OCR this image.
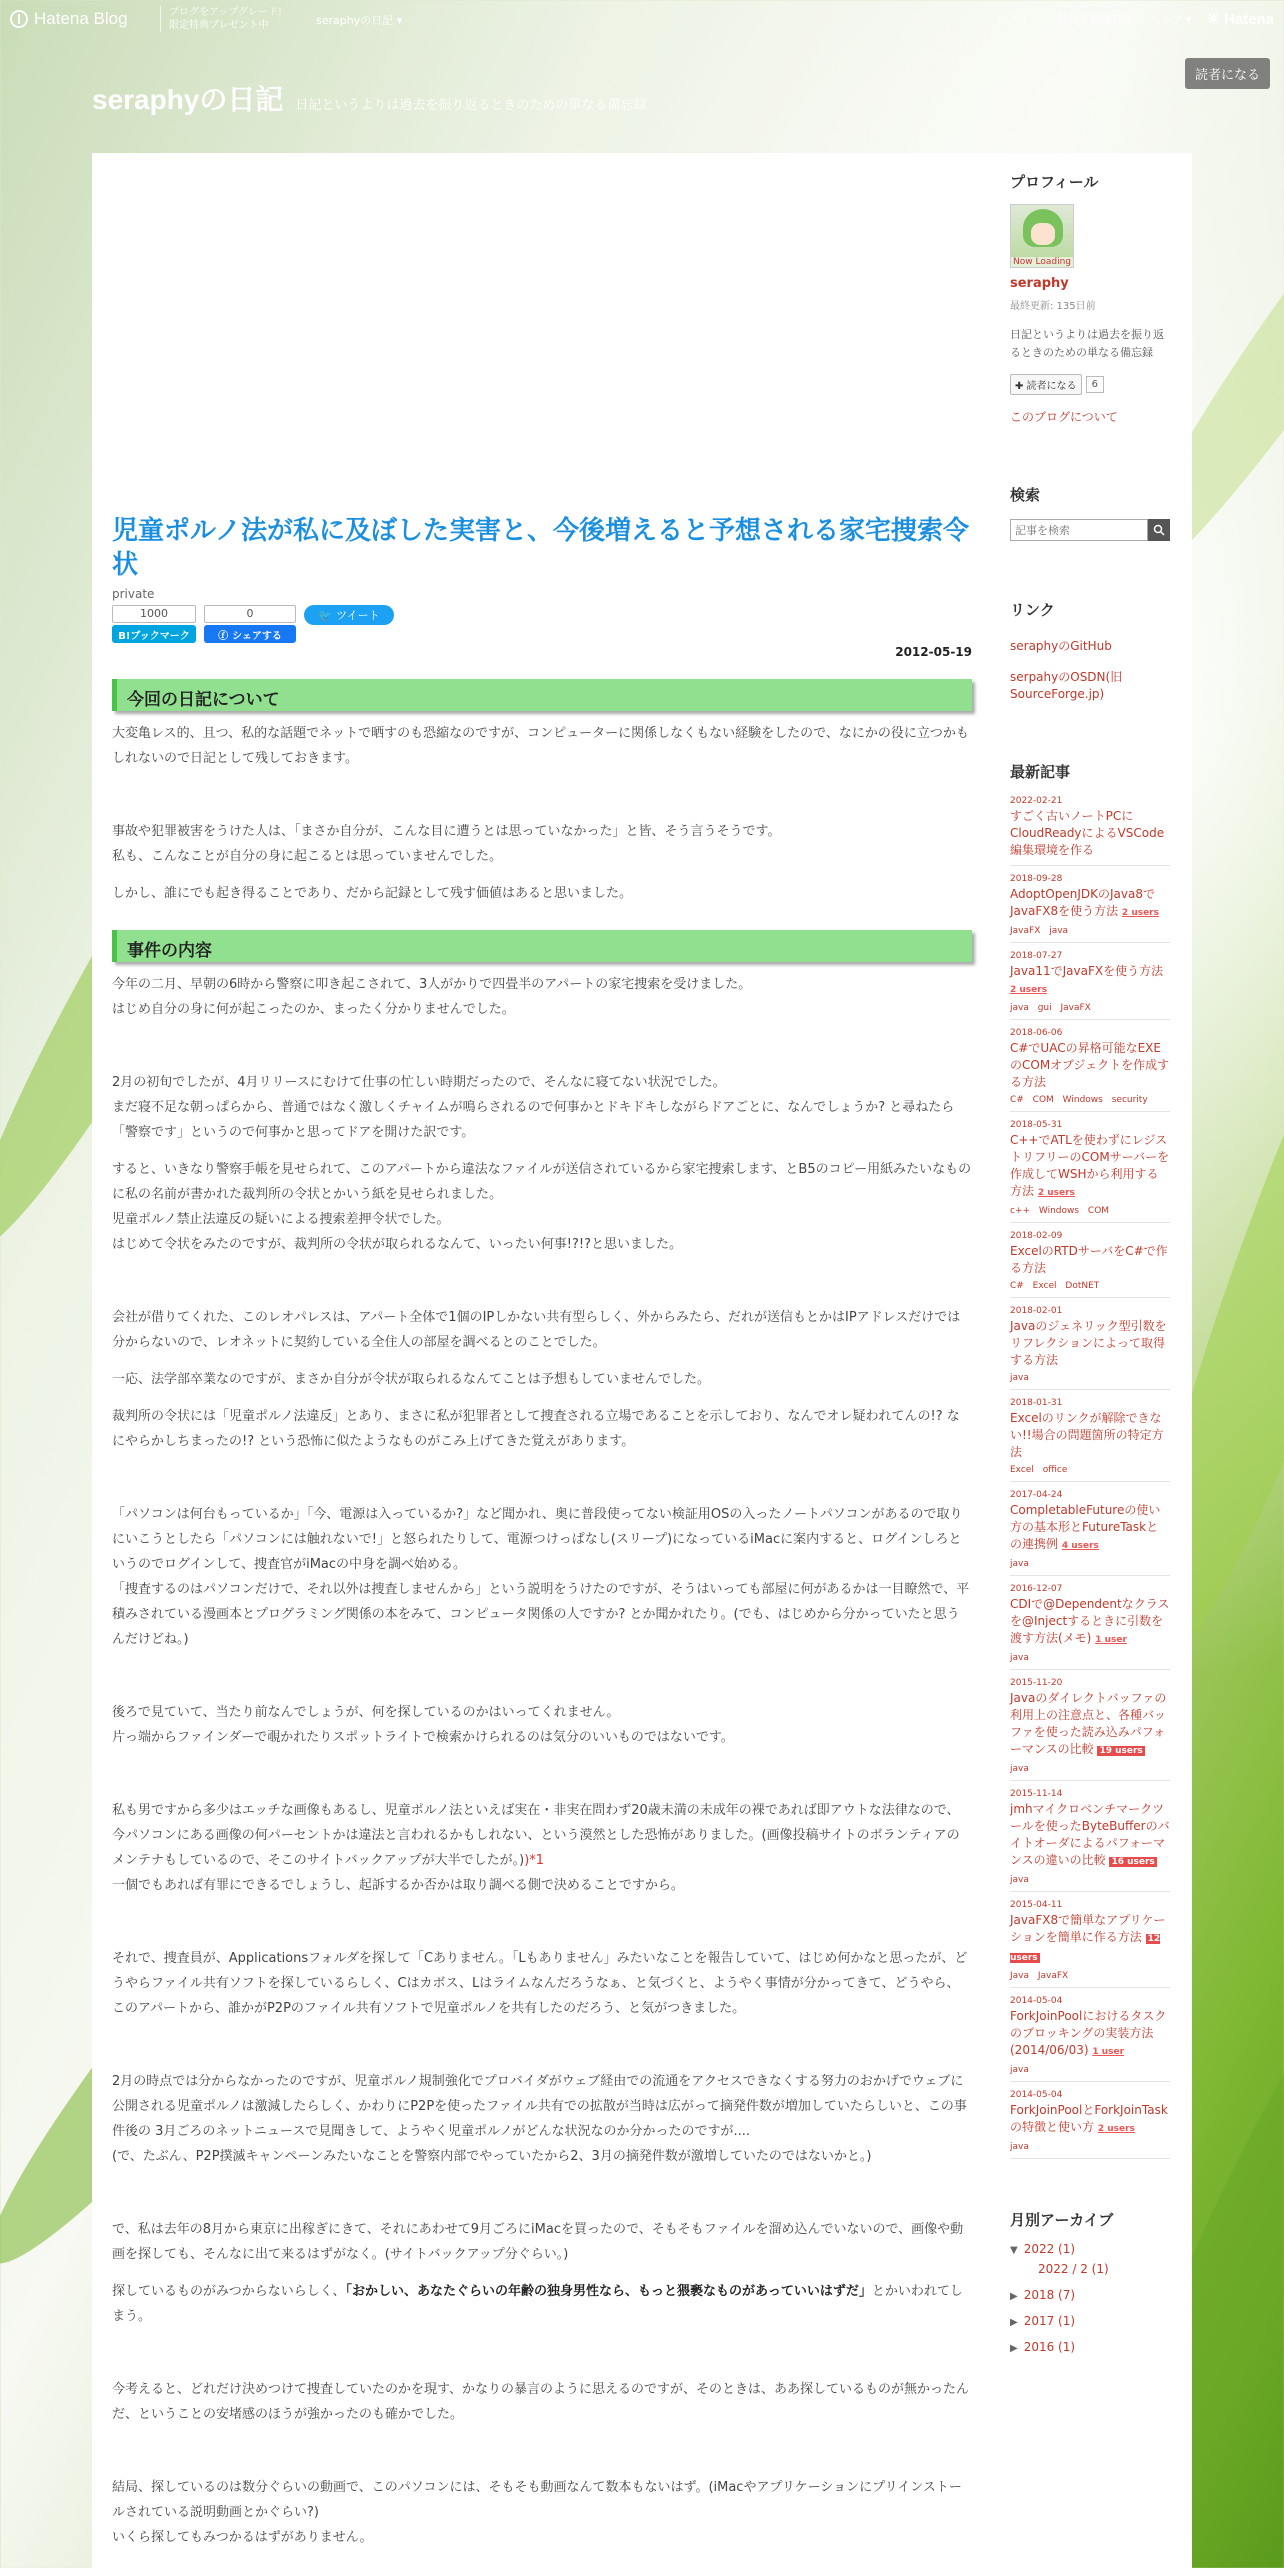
Hatena Blog	ブログをアップグレード!
限定特典プレゼント中	seraphyの日記 ▾	ログイン 無料で新規登録 ヘルプ ▾ ✳ Hatena
読者になる
seraphyの日記 日記というよりは過去を振り返るときのための単なる備忘録
児童ポルノ法が私に及ぼした実害と、今後増えると予想される家宅捜索令状
private
1000
B!ブックマーク
0
ⓕ シェアする
🐦 ツイート
2012-05-19
今回の日記について
大変亀レス的、且つ、私的な話題でネットで晒すのも恐縮なのですが、コンピューターに関係しなくもない経験をしたので、なにかの役に立つかもしれないので日記として残しておきます。
事故や犯罪被害をうけた人は、「まさか自分が、こんな目に遭うとは思っていなかった」と皆、そう言うそうです。
私も、こんなことが自分の身に起こるとは思っていませんでした。
しかし、誰にでも起き得ることであり、だから記録として残す価値はあると思いました。
事件の内容
今年の二月、早朝の6時から警察に叩き起こされて、3人がかりで四畳半のアパートの家宅捜索を受けました。
はじめ自分の身に何が起こったのか、まったく分かりませんでした。
2月の初旬でしたが、4月リリースにむけて仕事の忙しい時期だったので、そんなに寝てない状況でした。
まだ寝不足な朝っぱらから、普通ではなく激しくチャイムが鳴らされるので何事かとドキドキしながらドアごとに、なんでしょうか? と尋ねたら「警察です」というので何事かと思ってドアを開けた訳です。
すると、いきなり警察手帳を見せられて、このアパートから違法なファイルが送信されているから家宅捜索します、とB5のコピー用紙みたいなものに私の名前が書かれた裁判所の令状とかいう紙を見せられました。
児童ポルノ禁止法違反の疑いによる捜索差押令状でした。
はじめて令状をみたのですが、裁判所の令状が取られるなんて、いったい何事!?!?と思いました。
会社が借りてくれた、このレオパレスは、アパート全体で1個のIPしかない共有型らしく、外からみたら、だれが送信もとかはIPアドレスだけでは分からないので、レオネットに契約している全住人の部屋を調べるとのことでした。
一応、法学部卒業なのですが、まさか自分が令状が取られるなんてことは予想もしていませんでした。
裁判所の令状には「児童ポルノ法違反」とあり、まさに私が犯罪者として捜査される立場であることを示しており、なんでオレ疑われてんの!? なにやらかしちまったの!? という恐怖に似たようなものがこみ上げてきた覚えがあります。
「パソコンは何台もっているか」「今、電源は入っているか?」など聞かれ、奥に普段使ってない検証用OSの入ったノートパソコンがあるので取りにいこうとしたら「パソコンには触れないで!」と怒られたりして、電源つけっぱなし(スリープ)になっているiMacに案内すると、ログインしろというのでログインして、捜査官がiMacの中身を調べ始める。
「捜査するのはパソコンだけで、それ以外は捜査しませんから」という説明をうけたのですが、そうはいっても部屋に何があるかは一目瞭然で、平積みされている漫画本とプログラミング関係の本をみて、コンピュータ関係の人ですか? とか聞かれたり。(でも、はじめから分かっていたと思うんだけどね。)
後ろで見ていて、当たり前なんでしょうが、何を探しているのかはいってくれません。
片っ端からファインダーで覗かれたりスポットライトで検索かけられるのは気分のいいものではないです。
私も男ですから多少はエッチな画像もあるし、児童ポルノ法といえば実在・非実在問わず20歳未満の未成年の裸であれば即アウトな法律なので、今パソコンにある画像の何パーセントかは違法と言われるかもしれない、という漠然とした恐怖がありました。(画像投稿サイトのボランティアのメンテナもしているので、そこのサイトバックアップが大半でしたが。))*1
一個でもあれば有罪にできるでしょうし、起訴するか否かは取り調べる側で決めることですから。
それで、捜査員が、Applicationsフォルダを探して「Cありません。「Lもありません」みたいなことを報告していて、はじめ何かなと思ったが、どうやらファイル共有ソフトを探しているらしく、Cはカボス、Lはライムなんだろうなぁ、と気づくと、ようやく事情が分かってきて、どうやら、このアパートから、誰かがP2Pのファイル共有ソフトで児童ポルノを共有したのだろう、と気がつきました。
2月の時点では分からなかったのですが、児童ポルノ規制強化でプロバイダがウェブ経由での流通をアクセスできなくする努力のおかげでウェブに公開される児童ポルノは激減したらしく、かわりにP2Pを使ったファイル共有での拡散が当時は広がって摘発件数が増加していたらしいと、この事件後の 3月ごろのネットニュースで見聞きして、ようやく児童ポルノがどんな状況なのか分かったのですが....
(で、たぶん、P2P撲滅キャンペーンみたいなことを警察内部でやっていたから2、3月の摘発件数が激増していたのではないかと。)
で、私は去年の8月から東京に出稼ぎにきて、それにあわせて9月ごろにiMacを買ったので、そもそもファイルを溜め込んでいないので、画像や動画を探しても、そんなに出て来るはずがなく。(サイトバックアップ分ぐらい。)
探しているものがみつからないらしく、「おかしい、あなたぐらいの年齢の独身男性なら、もっと猥褻なものがあっていいはずだ」とかいわれてしまう。
今考えると、どれだけ決めつけて捜査していたのかを現す、かなりの暴言のように思えるのですが、そのときは、ああ探しているものが無かったんだ、ということの安堵感のほうが強かったのも確かでした。
結局、探しているのは数分ぐらいの動画で、このパソコンには、そもそも動画なんて数本もないはず。(iMacやアプリケーションにプリインストールされている説明動画とかぐらい?)
いくら探してもみつかるはずがありません。
プロフィール
Now Loading
seraphy
最終更新: 135日前
日記というよりは過去を振り返るときのための単なる備忘録
✚ 読者になる	6
このブログについて
検索
記事を検索
リンク
seraphyのGitHub
serpahyのOSDN(旧SourceForge.jp)
最新記事
2022-02-21
すごく古いノートPCにCloudReadyによるVSCode編集環境を作る
2018-09-28
AdoptOpenJDKのJava8でJavaFX8を使う方法 2 users
JavaFX java
2018-07-27
Java11でJavaFXを使う方法 2 users
java gui JavaFX
2018-06-06
C#でUACの昇格可能なEXEのCOMオブジェクトを作成する方法
C# COM Windows security
2018-05-31
C++でATLを使わずにレジストリフリーのCOMサーバーを作成してWSHから利用する方法 2 users
c++ Windows COM
2018-02-09
ExcelのRTDサーバをC#で作る方法
C# Excel DotNET
2018-02-01
Javaのジェネリック型引数をリフレクションによって取得する方法
java
2018-01-31
Excelのリンクが解除できない!!場合の問題箇所の特定方法
Excel office
2017-04-24
CompletableFutureの使い方の基本形とFutureTaskとの連携例 4 users
java
2016-12-07
CDIで@Dependentなクラスを@Injectするときに引数を渡す方法(メモ) 1 user
java
2015-11-20
Javaのダイレクトバッファの利用上の注意点と、各種バッファを使った読み込みパフォーマンスの比較 19 users
java
2015-11-14
jmhマイクロベンチマークツールを使ったByteBufferのバイトオーダによるパフォーマンスの違いの比較 16 users
java
2015-04-11
JavaFX8で簡単なアプリケーションを簡単に作る方法 12 users
Java JavaFX
2014-05-04
ForkJoinPoolにおけるタスクのブロッキングの実装方法 (2014/06/03) 1 user
java
2014-05-04
ForkJoinPoolとForkJoinTaskの特徴と使い方 2 users
java
月別アーカイブ
▼ 2022 (1)
2022 / 2 (1)
▶ 2018 (7)
▶ 2017 (1)
▶ 2016 (1)
